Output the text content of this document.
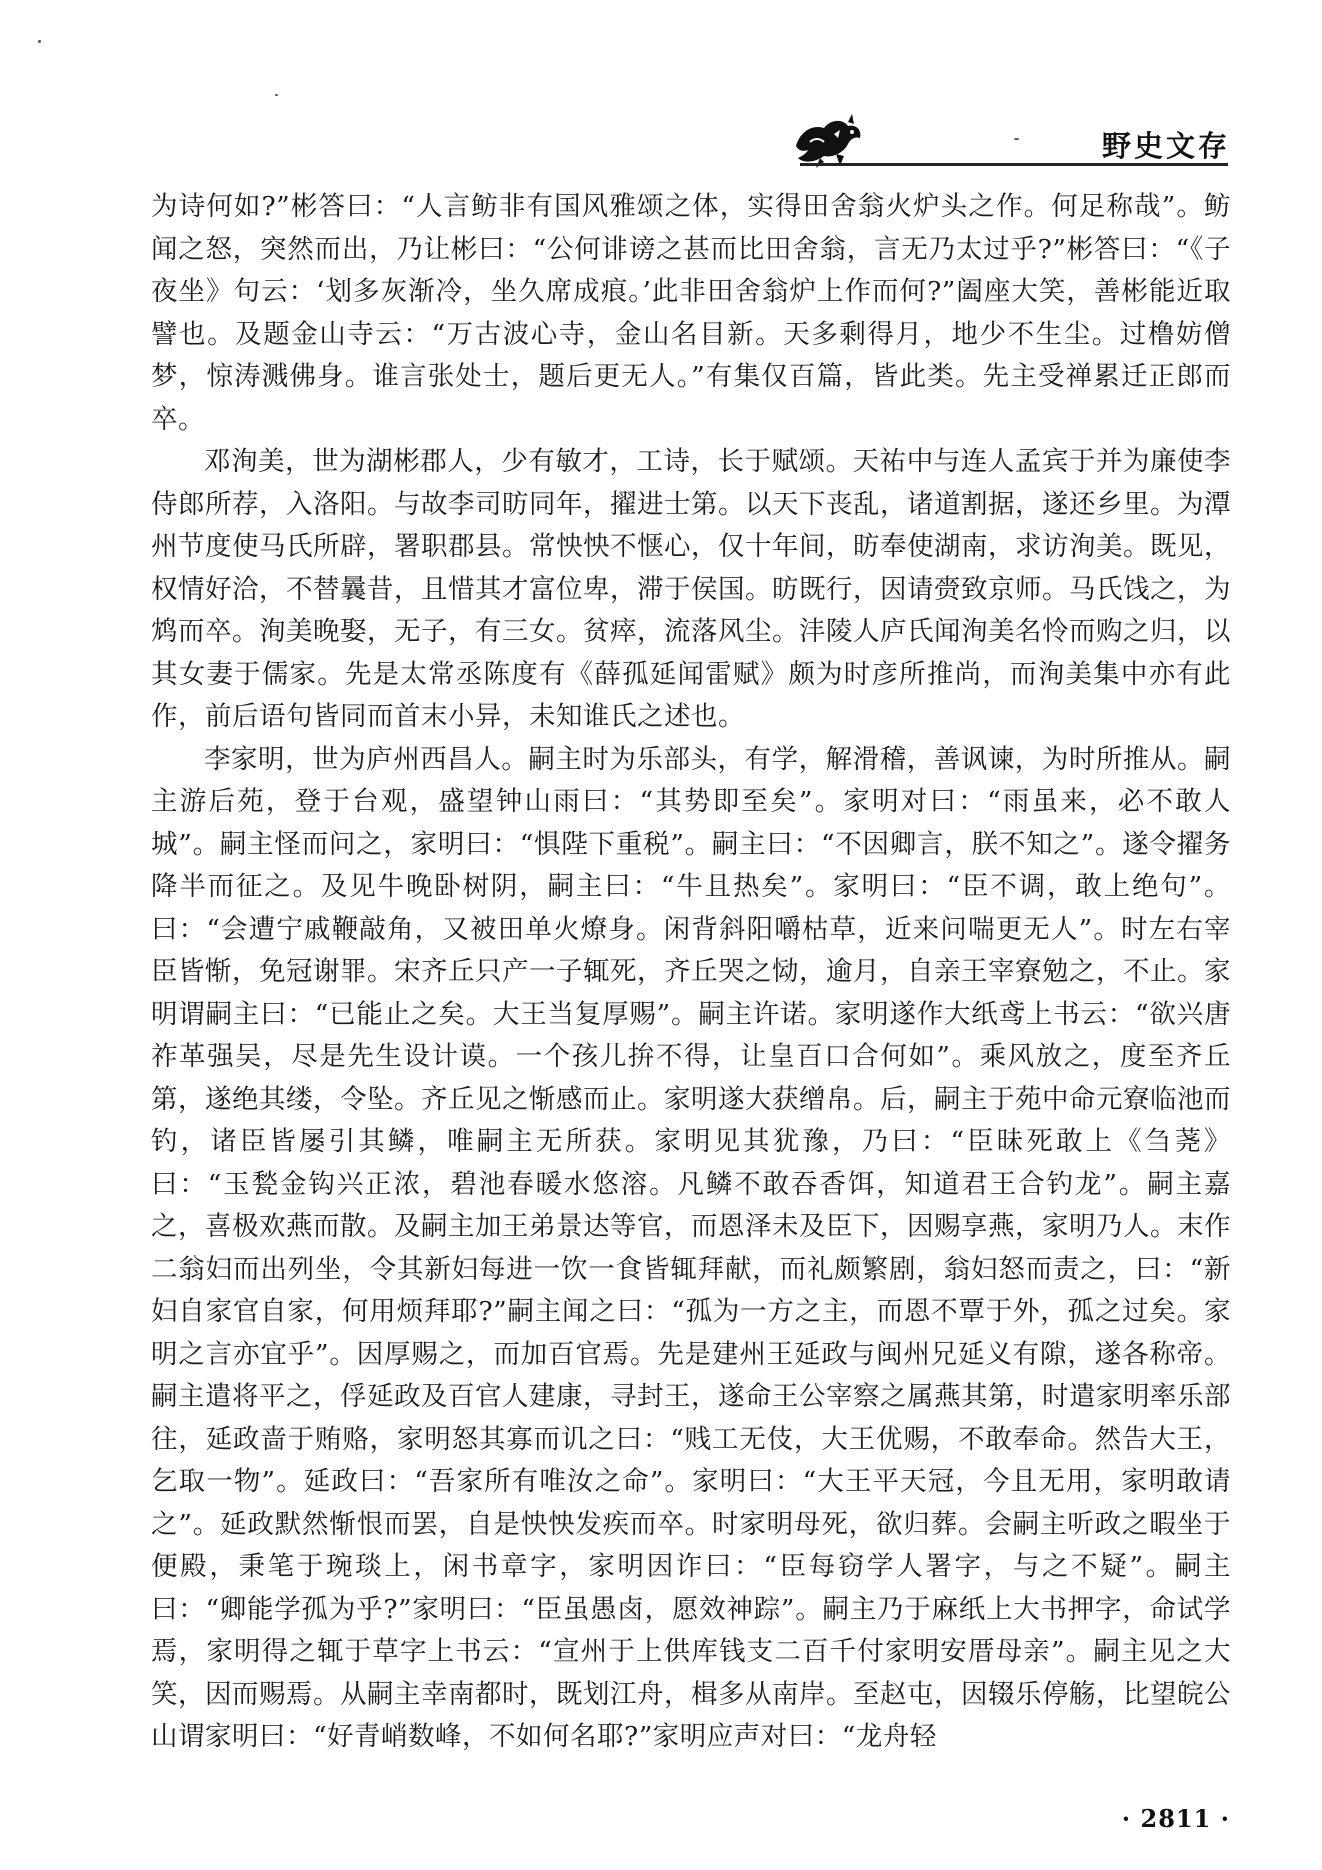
野史文存

为诗何如?”彬答曰：“人言鲂非有国风雅颂之体，实得田舍翁火炉头之作。何足称哉”。鲂闻之怒，突然而出，乃让彬曰：“公何诽谤之甚而比田舍翁，言无乃太过乎?”彬答曰：“《子夜坐》句云：‘划多灰渐冷，坐久席成痕。’此非田舍翁炉上作而何?”阖座大笑，善彬能近取譬也。及题金山寺云：“万古波心寺，金山名目新。天多剩得月，地少不生尘。过橹妨僧梦，惊涛溅佛身。谁言张处士，题后更无人。”有集仅百篇，皆此类。先主受禅累迁正郎而卒。

邓洵美，世为湖彬郡人，少有敏才，工诗，长于赋颂。天祐中与连人孟宾于并为廉使李侍郎所荐，入洛阳。与故李司昉同年，擢进士第。以天下丧乱，诸道割据，遂还乡里。为潭州节度使马氏所辟，署职郡县。常怏怏不惬心，仅十年间，昉奉使湖南，求访洵美。既见，权情好洽，不替曩昔，且惜其才富位卑，滞于侯国。昉既行，因请赍致京师。马氏饯之，为鸩而卒。洵美晚娶，无子，有三女。贫瘁，流落风尘。沣陵人庐氏闻洵美名怜而购之归，以其女妻于儒家。先是太常丞陈度有《薛孤延闻雷赋》颇为时彦所推尚，而洵美集中亦有此作，前后语句皆同而首末小异，未知谁氏之述也。

李家明，世为庐州西昌人。嗣主时为乐部头，有学，解滑稽，善讽谏，为时所推从。嗣主游后苑，登于台观，盛望钟山雨曰：“其势即至矣”。家明对曰：“雨虽来，必不敢人城”。嗣主怪而问之，家明曰：“惧陛下重税”。嗣主曰：“不因卿言，朕不知之”。遂令擢务降半而征之。及见牛晚卧树阴，嗣主曰：“牛且热矣”。家明曰：“臣不调，敢上绝句”。曰：“会遭宁戚鞭敲角，又被田单火燎身。闲背斜阳嚼枯草，近来问喘更无人”。时左右宰臣皆惭，免冠谢罪。宋齐丘只产一子辄死，齐丘哭之恸，逾月，自亲王宰寮勉之，不止。家明谓嗣主曰：“已能止之矣。大王当复厚赐”。嗣主许诺。家明遂作大纸鸢上书云：“欲兴唐祚革强吴，尽是先生设计谟。一个孩儿拚不得，让皇百口合何如”。乘风放之，度至齐丘第，遂绝其缕，令坠。齐丘见之惭感而止。家明遂大获缯帛。后，嗣主于苑中命元寮临池而钓，诸臣皆屡引其鳞，唯嗣主无所获。家明见其犹豫，乃曰：“臣昧死敢上《刍荛》曰：“玉甃金钩兴正浓，碧池春暖水悠溶。凡鳞不敢吞香饵，知道君王合钓龙”。嗣主嘉之，喜极欢燕而散。及嗣主加王弟景达等官，而恩泽未及臣下，因赐享燕，家明乃人。末作二翁妇而出列坐，令其新妇每进一饮一食皆辄拜献，而礼颇繁剧，翁妇怒而责之，曰：“新妇自家官自家，何用烦拜耶?”嗣主闻之曰：“孤为一方之主，而恩不覃于外，孤之过矣。家明之言亦宜乎”。因厚赐之，而加百官焉。先是建州王延政与闽州兄延义有隙，遂各称帝。嗣主遣将平之，俘延政及百官人建康，寻封王，遂命王公宰察之属燕其第，时遣家明率乐部往，延政啬于贿赂，家明怒其寡而讥之曰：“贱工无伎，大王优赐，不敢奉命。然告大王，乞取一物”。延政曰：“吾家所有唯汝之命”。家明曰：“大王平天冠，今且无用，家明敢请之”。延政默然惭恨而罢，自是怏怏发疾而卒。时家明母死，欲归葬。会嗣主听政之暇坐于便殿，秉笔于琬琰上，闲书章字，家明因诈曰：“臣每窃学人署字，与之不疑”。嗣主曰：“卿能学孤为乎?”家明曰：“臣虽愚卤，愿效神踪”。嗣主乃于麻纸上大书押字，命试学焉，家明得之辄于草字上书云：“宣州于上供库钱支二百千付家明安厝母亲”。嗣主见之大笑，因而赐焉。从嗣主幸南都时，既划江舟，楫多从南岸。至赵屯，因辍乐停觞，比望皖公山谓家明曰：“好青峭数峰，不如何名耶?”家明应声对曰：“龙舟轻

· 2811 ·
